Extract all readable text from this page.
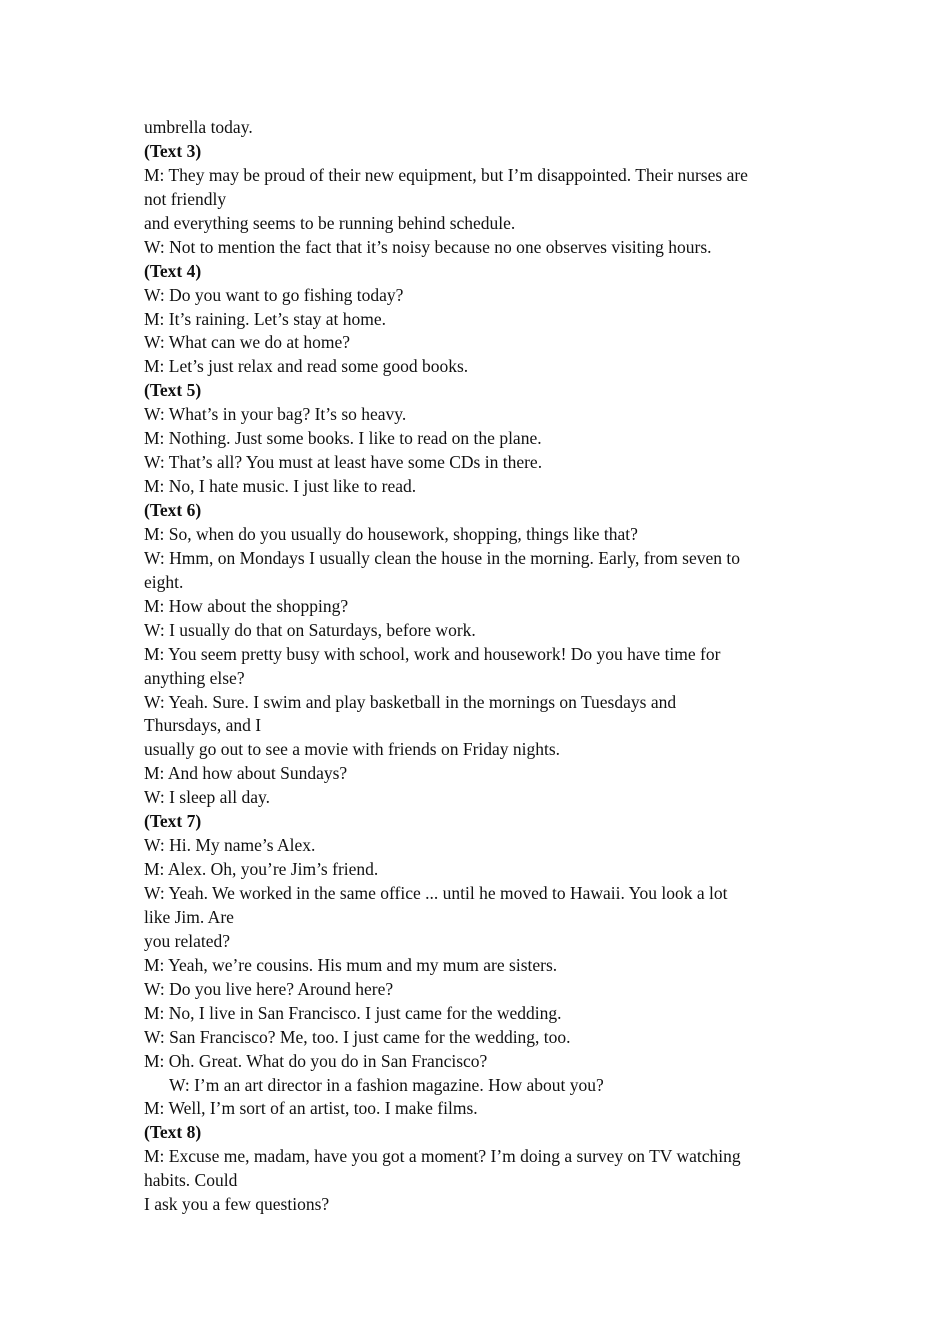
umbrella today.
(Text 3)
M: They may be proud of their new equipment, but I’m disappointed. Their nurses are
not friendly
and everything seems to be running behind schedule.
W: Not to mention the fact that it’s noisy because no one observes visiting hours.
(Text 4)
W: Do you want to go fishing today?
M: It’s raining. Let’s stay at home.
W: What can we do at home?
M: Let’s just relax and read some good books.
(Text 5)
W: What’s in your bag? It’s so heavy.
M: Nothing. Just some books. I like to read on the plane.
W: That’s all? You must at least have some CDs in there.
M: No, I hate music. I just like to read.
(Text 6)
M: So, when do you usually do housework, shopping, things like that?
W: Hmm, on Mondays I usually clean the house in the morning. Early, from seven to
eight.
M: How about the shopping?
W: I usually do that on Saturdays, before work.
M: You seem pretty busy with school, work and housework! Do you have time for
anything else?
W: Yeah. Sure. I swim and play basketball in the mornings on Tuesdays and
Thursdays, and I
usually go out to see a movie with friends on Friday nights.
M: And how about Sundays?
W: I sleep all day.
(Text 7)
W: Hi. My name’s Alex.
M: Alex. Oh, you’re Jim’s friend.
W: Yeah. We worked in the same office ... until he moved to Hawaii. You look a lot
like Jim. Are
you related?
M: Yeah, we’re cousins. His mum and my mum are sisters.
W: Do you live here? Around here?
M: No, I live in San Francisco. I just came for the wedding.
W: San Francisco? Me, too. I just came for the wedding, too.
M: Oh. Great. What do you do in San Francisco?
W: I’m an art director in a fashion magazine. How about you?
M: Well, I’m sort of an artist, too. I make films.
(Text 8)
M: Excuse me, madam, have you got a moment? I’m doing a survey on TV watching
habits. Could
I ask you a few questions?
